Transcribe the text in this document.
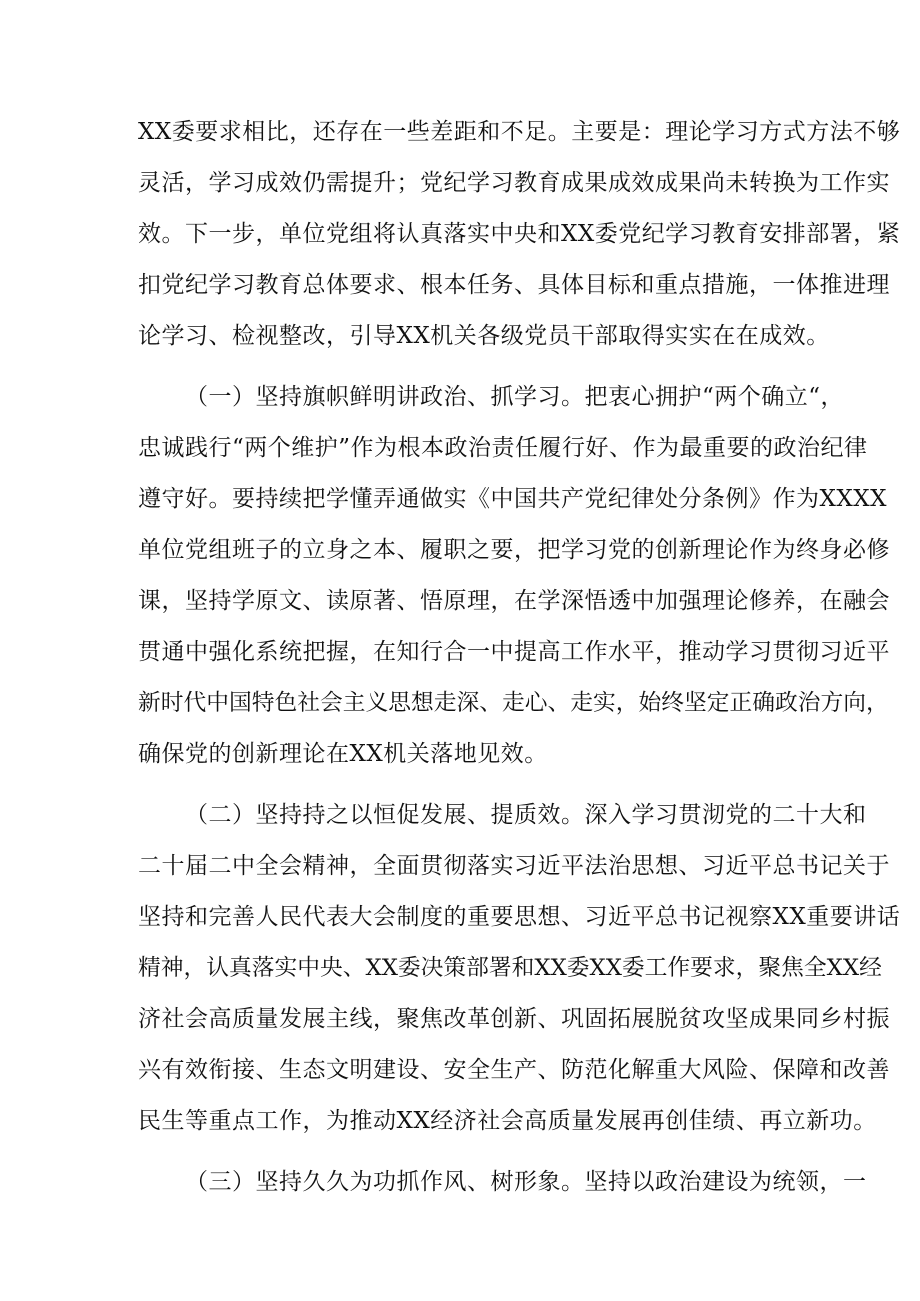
XX委要求相比，还存在一些差距和不足。主要是：理论学习方式方法不够
灵活，学习成效仍需提升；党纪学习教育成果成效成果尚未转换为工作实
效。下一步，单位党组将认真落实中央和XX委党纪学习教育安排部署，紧
扣党纪学习教育总体要求、根本任务、具体目标和重点措施，一体推进理
论学习、检视整改，引导XX机关各级党员干部取得实实在在成效。
（一）坚持旗帜鲜明讲政治、抓学习。把衷心拥护“两个确立“，
忠诚践行“两个维护”作为根本政治责任履行好、作为最重要的政治纪律
遵守好。要持续把学懂弄通做实《中国共产党纪律处分条例》作为XXXX
单位党组班子的立身之本、履职之要，把学习党的创新理论作为终身必修
课，坚持学原文、读原著、悟原理，在学深悟透中加强理论修养，在融会
贯通中强化系统把握，在知行合一中提高工作水平，推动学习贯彻习近平
新时代中国特色社会主义思想走深、走心、走实，始终坚定正确政治方向，
确保党的创新理论在XX机关落地见效。
（二）坚持持之以恒促发展、提质效。深入学习贯沏党的二十大和
二十届二中全会精神，全面贯彻落实习近平法治思想、习近平总书记关于
坚持和完善人民代表大会制度的重要思想、习近平总书记视察XX重要讲话
精神，认真落实中央、XX委决策部署和XX委XX委工作要求，聚焦全XX经
济社会高质量发展主线，聚焦改革创新、巩固拓展脱贫攻坚成果同乡村振
兴有效衔接、生态文明建设、安全生产、防范化解重大风险、保障和改善
民生等重点工作，为推动XX经济社会高质量发展再创佳绩、再立新功。
（三）坚持久久为功抓作风、树形象。坚持以政治建设为统领，一
